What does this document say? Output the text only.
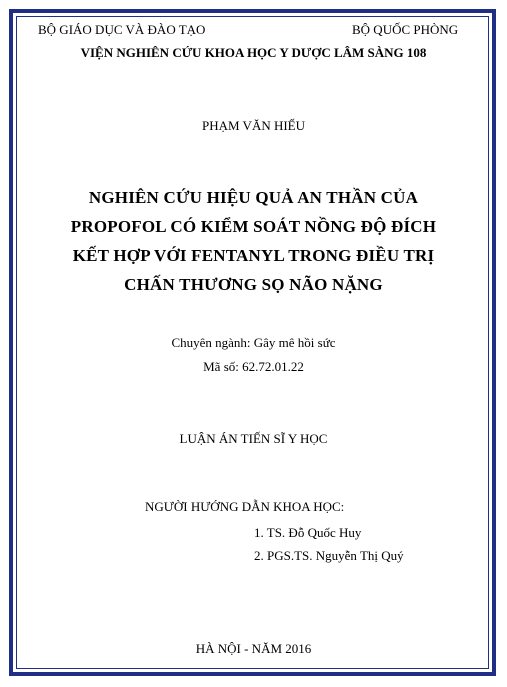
BỘ GIÁO DỤC VÀ ĐÀO TẠO	BỘ QUỐC PHÒNG
VIỆN NGHIÊN CỨU KHOA HỌC Y DƯỢC LÂM SÀNG 108
PHẠM VĂN HIẾU
NGHIÊN CỨU HIỆU QUẢ AN THẦN CỦA
PROPOFOL CÓ KIỂM SOÁT NỒNG ĐỘ ĐÍCH
KẾT HỢP VỚI FENTANYL TRONG ĐIỀU TRỊ
CHẤN THƯƠNG SỌ NÃO NẶNG
Chuyên ngành: Gây mê hồi sức
Mã số: 62.72.01.22
LUẬN ÁN TIẾN SĨ Y HỌC
NGƯỜI HƯỚNG DẪN KHOA HỌC:
1. TS. Đỗ Quốc Huy
2. PGS.TS. Nguyễn Thị Quý
HÀ NỘI - NĂM 2016
